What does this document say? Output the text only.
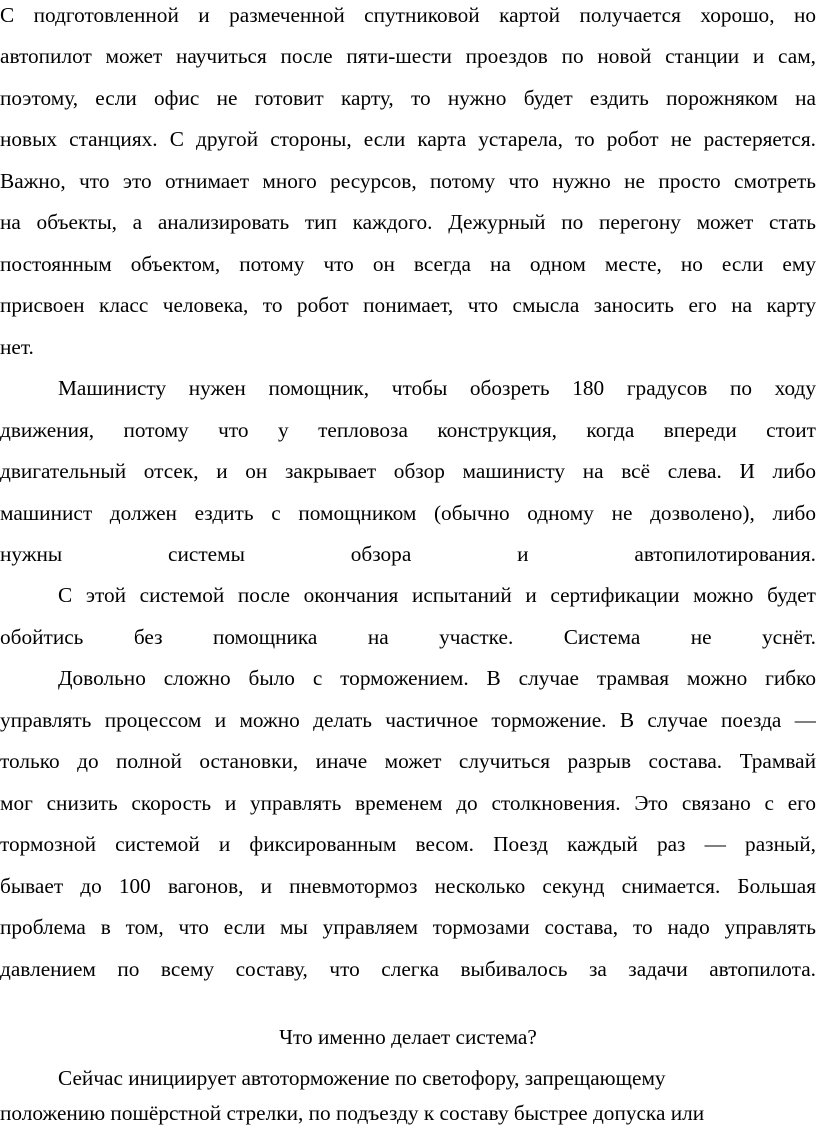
С подготовленной и размеченной спутниковой картой получается хорошо, но
автопилот может научиться после пяти-шести проездов по новой станции и сам,
поэтому, если офис не готовит карту, то нужно будет ездить порожняком на
новых станциях. С другой стороны, если карта устарела, то робот не растеряется.
Важно, что это отнимает много ресурсов, потому что нужно не просто смотреть
на объекты, а анализировать тип каждого. Дежурный по перегону может стать
постоянным объектом, потому что он всегда на одном месте, но если ему
присвоен класс человека, то робот понимает, что смысла заносить его на карту
нет.
Машинисту нужен помощник, чтобы обозреть 180 градусов по ходу
движения, потому что у тепловоза конструкция, когда впереди стоит
двигательный отсек, и он закрывает обзор машинисту на всё слева. И либо
машинист должен ездить с помощником (обычно одному не дозволено), либо
нужны системы обзора и автопилотирования.
С этой системой после окончания испытаний и сертификации можно будет
обойтись без помощника на участке. Система не уснёт.
Довольно сложно было с торможением. В случае трамвая можно гибко
управлять процессом и можно делать частичное торможение. В случае поезда —
только до полной остановки, иначе может случиться разрыв состава. Трамвай
мог снизить скорость и управлять временем до столкновения. Это связано с его
тормозной системой и фиксированным весом. Поезд каждый раз — разный,
бывает до 100 вагонов, и пневмотормоз несколько секунд снимается. Большая
проблема в том, что если мы управляем тормозами состава, то надо управлять
давлением по всему составу, что слегка выбивалось за задачи автопилота.
Что именно делает система?
Сейчас инициирует автоторможение по светофору, запрещающему
положению пошёрстной стрелки, по подъезду к составу быстрее допуска или
